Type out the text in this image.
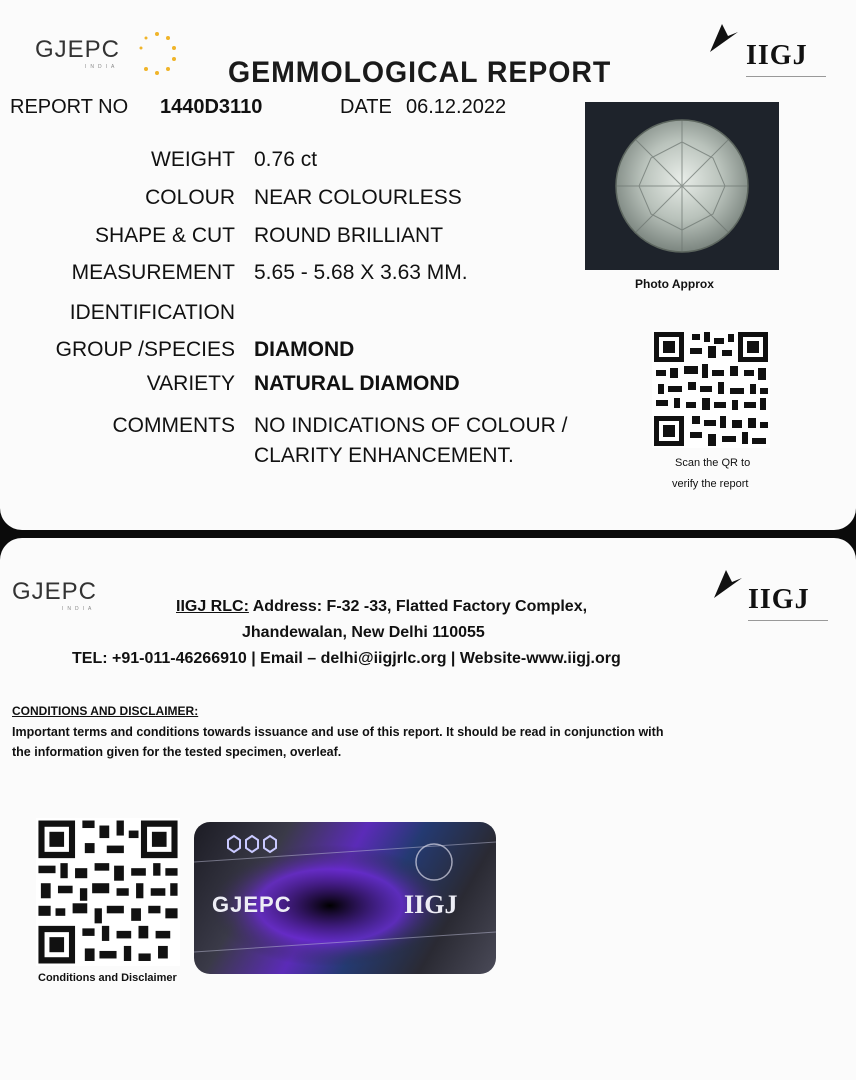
GJEPC
INDIA	IIGJ
GEMMOLOGICAL REPORT
REPORT NO 1440D3110	DATE 06.12.2022
WEIGHT 0.76 ct
COLOUR NEAR COLOURLESS
SHAPE & CUT ROUND BRILLIANT
MEASUREMENT 5.65 - 5.68 X 3.63 MM.
IDENTIFICATION
GROUP /SPECIES DIAMOND
VARIETY NATURAL DIAMOND
COMMENTS NO INDICATIONS OF COLOUR /
CLARITY ENHANCEMENT.
Photo Approx
Scan the QR to
verify the report
GJEPC
INDIA	IIGJ
IIGJ RLC: Address: F-32 -33, Flatted Factory Complex,
Jhandewalan, New Delhi 110055
TEL: +91-011-46266910 | Email – delhi@iigjrlc.org | Website-www.iigj.org
CONDITIONS AND DISCLAIMER:
Important terms and conditions towards issuance and use of this report. It should be read in conjunction with
the information given for the tested specimen, overleaf.
Conditions and Disclaimer
GJEPC	IIGJ
